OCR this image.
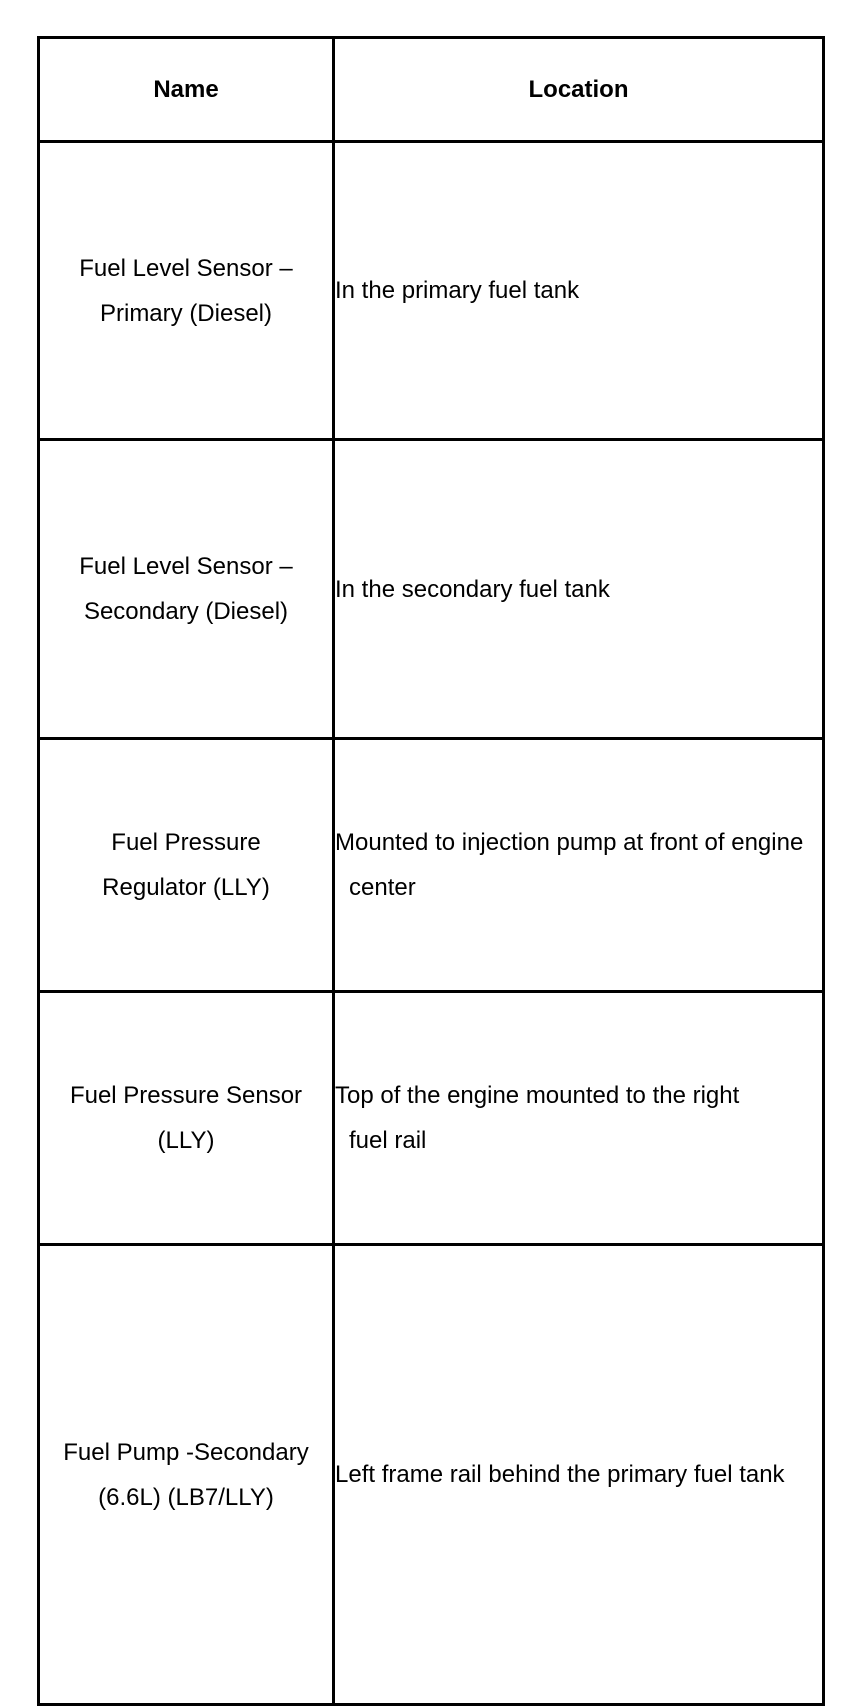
Name	Location
Fuel Level Sensor – Primary (Diesel)	In the primary fuel tank

Fuel Level Sensor – Secondary (Diesel)	In the secondary fuel tank

Fuel Pressure Regulator (LLY)	Mounted to injection pump at front of engine center

Fuel Pressure Sensor (LLY)	Top of the engine mounted to the right fuel rail

Fuel Pump -Secondary (6.6L) (LB7/LLY)	Left frame rail behind the primary fuel tank
